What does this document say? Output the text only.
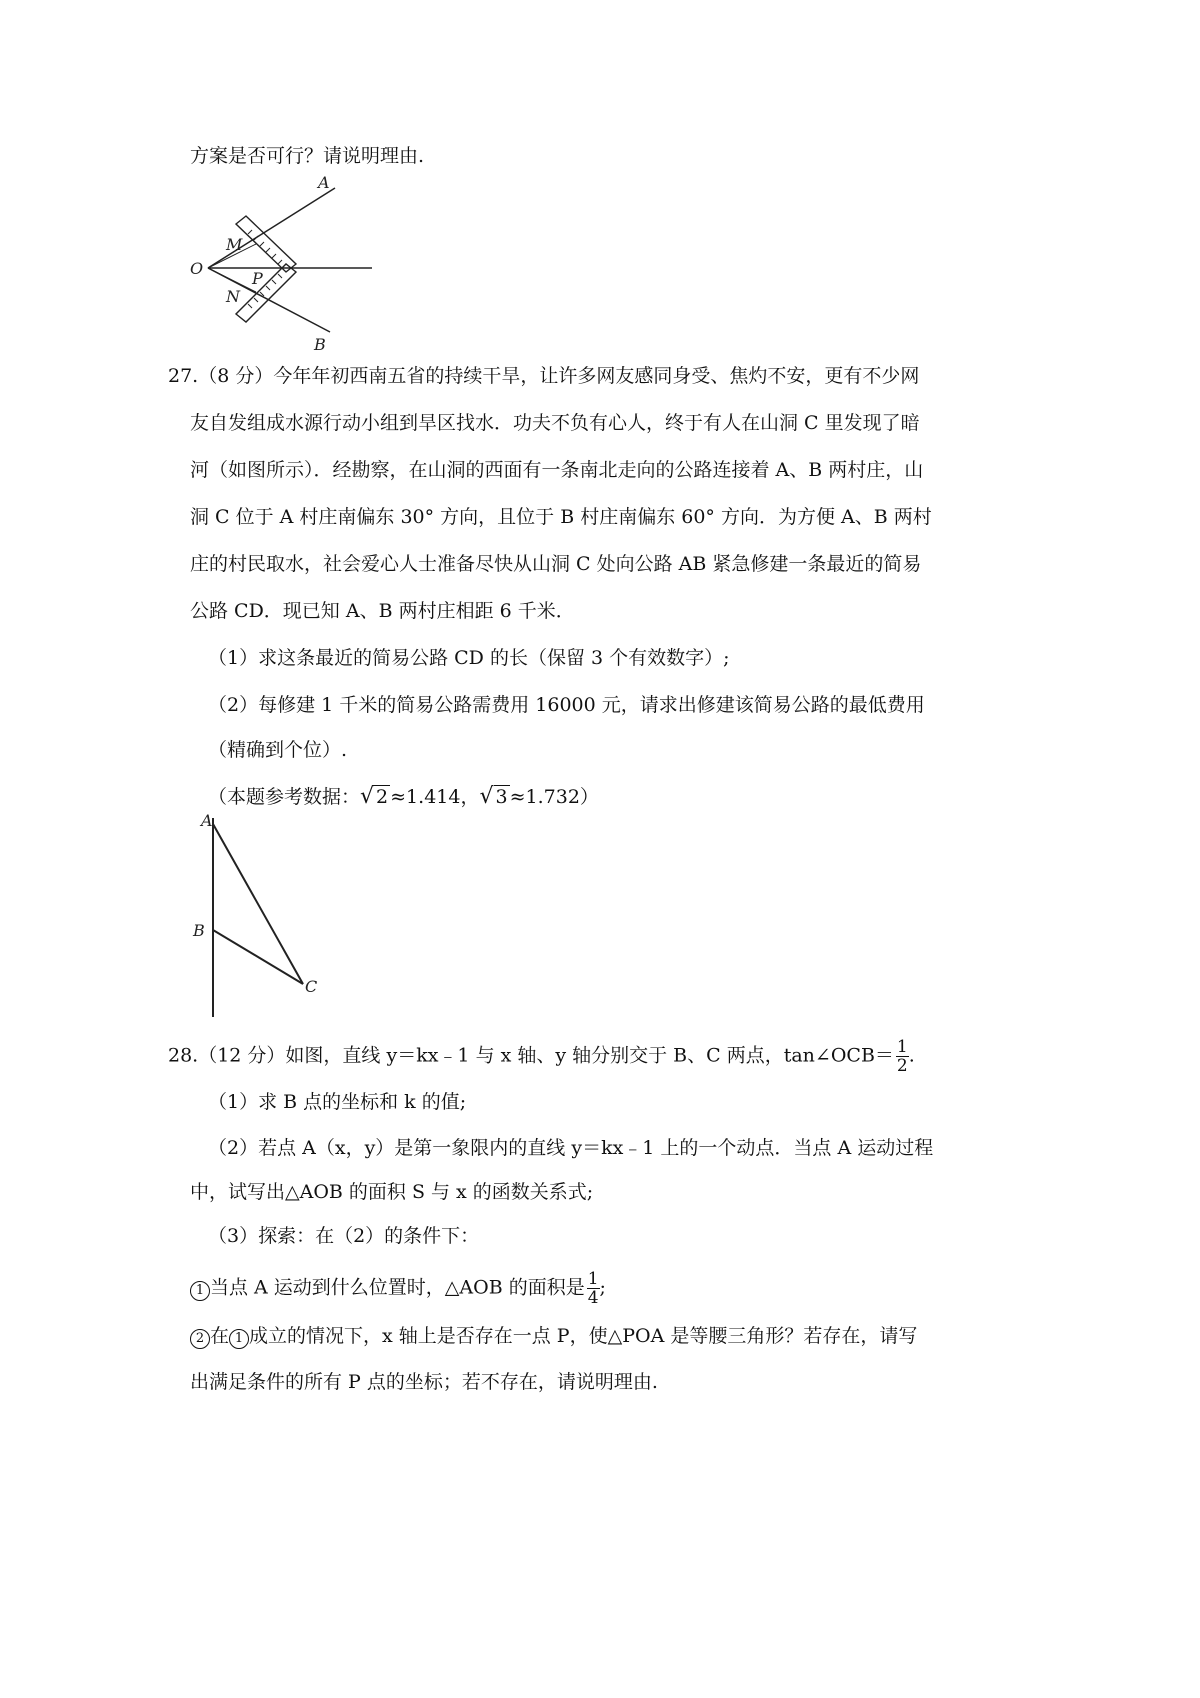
方案是否可行？请说明理由.
A
B
O
M
N
P
27.（8 分）今年年初西南五省的持续干旱，让许多网友感同身受、焦灼不安，更有不少网
友自发组成水源行动小组到旱区找水．功夫不负有心人，终于有人在山洞 C 里发现了暗
河（如图所示）．经勘察，在山洞的西面有一条南北走向的公路连接着 A、B 两村庄，山
洞 C 位于 A 村庄南偏东 30° 方向，且位于 B 村庄南偏东 60° 方向．为方便 A、B 两村
庄的村民取水，社会爱心人士准备尽快从山洞 C 处向公路 AB 紧急修建一条最近的简易
公路 CD．现已知 A、B 两村庄相距 6 千米．
（1）求这条最近的简易公路 CD 的长（保留 3 个有效数字）;
（2）每修建 1 千米的简易公路需费用 16000 元，请求出修建该简易公路的最低费用
（精确到个位）.
（本题参考数据：√ 2 ≈1.414，√ 3 ≈1.732）
A
B
C
28.（12 分）如图，直线 y＝kx﹣1 与 x 轴、y 轴分别交于 B、C 两点，tan∠OCB＝ $\frac{1}{2}$ .
（1）求 B 点的坐标和 k 的值;
（2）若点 A（x，y）是第一象限内的直线 y＝kx﹣1 上的一个动点．当点 A 运动过程
中，试写出△AOB 的面积 S 与 x 的函数关系式;
（3）探索：在（2）的条件下：
1 当点 A 运动到什么位置时，△AOB 的面积是 $\frac{1}{4}$ ;
2 在 1 成立的情况下，x 轴上是否存在一点 P，使△POA 是等腰三角形？若存在，请写
出满足条件的所有 P 点的坐标；若不存在，请说明理由.
